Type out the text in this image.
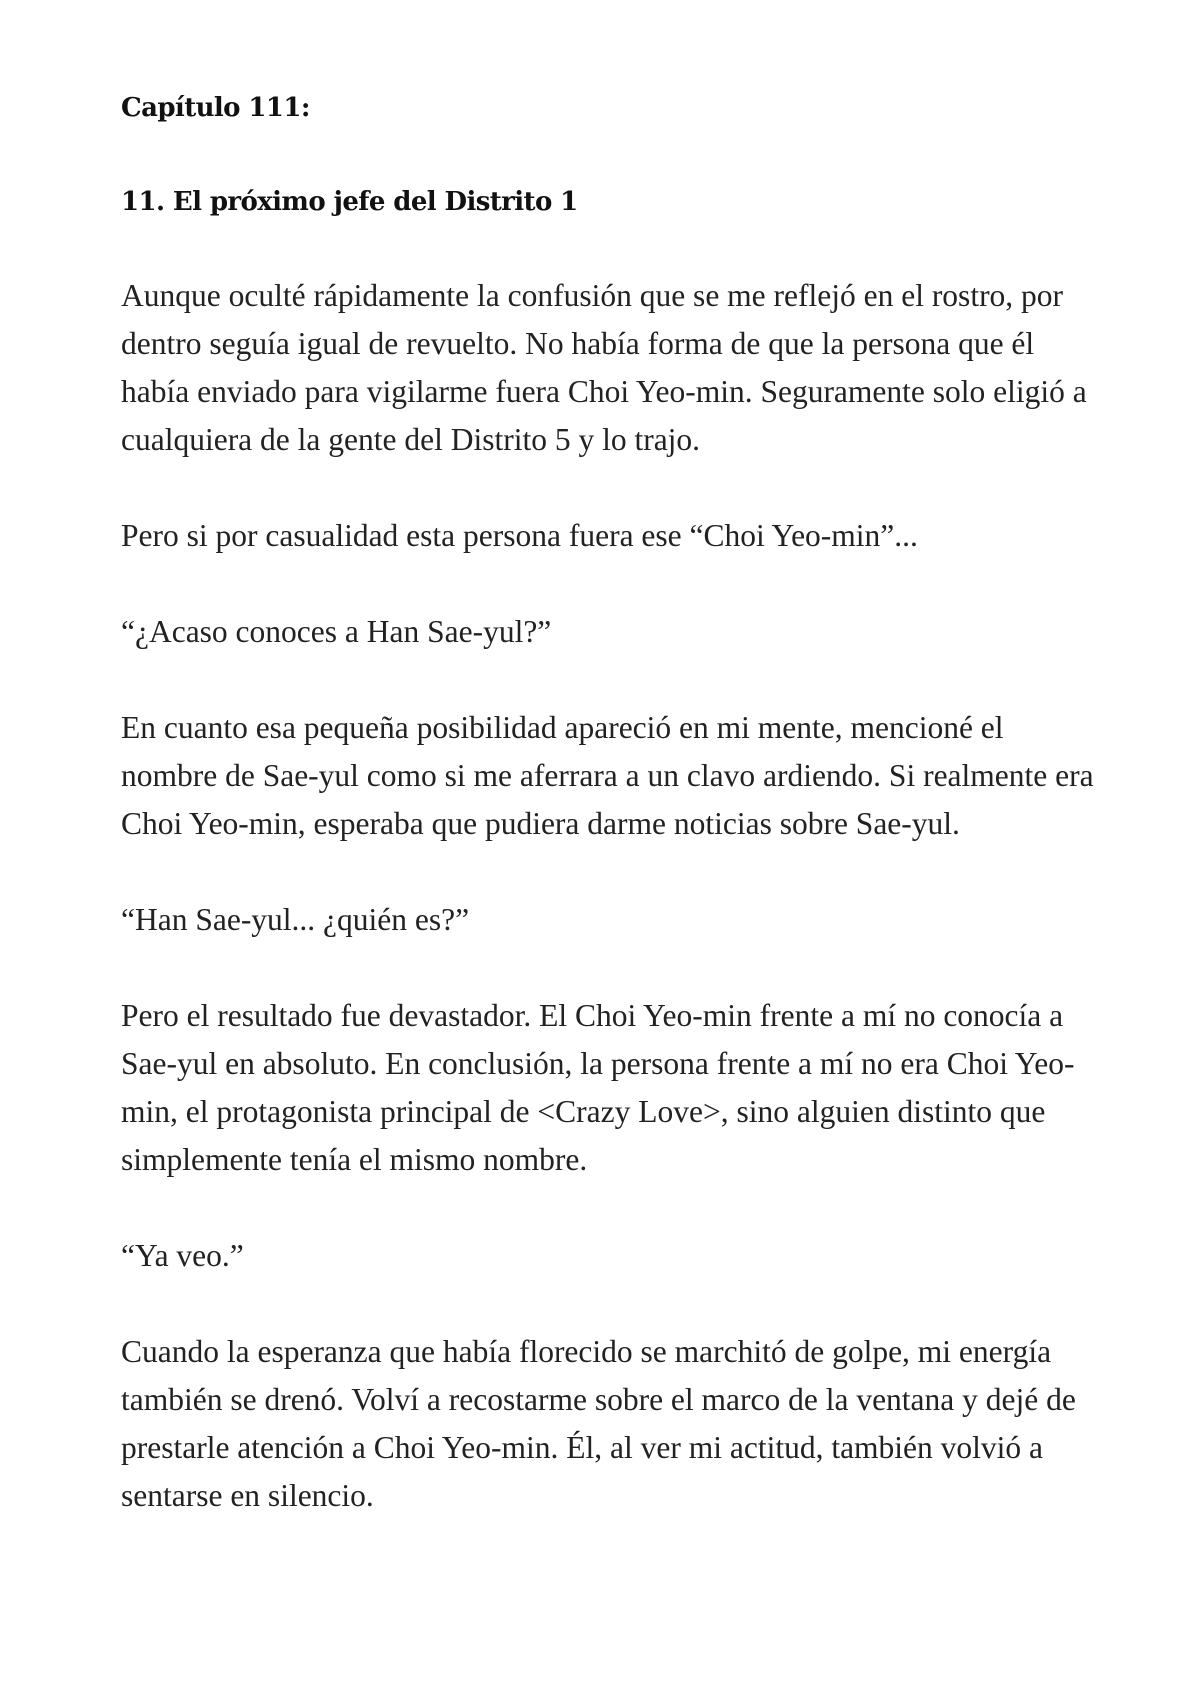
Capítulo 111:
11. El próximo jefe del Distrito 1

Aunque oculté rápidamente la confusión que se me reflejó en el rostro, por dentro seguía igual de revuelto. No había forma de que la persona que él había enviado para vigilarme fuera Choi Yeo-min. Seguramente solo eligió a cualquiera de la gente del Distrito 5 y lo trajo.

Pero si por casualidad esta persona fuera ese “Choi Yeo-min”...

“¿Acaso conoces a Han Sae-yul?”

En cuanto esa pequeña posibilidad apareció en mi mente, mencioné el nombre de Sae-yul como si me aferrara a un clavo ardiendo. Si realmente era Choi Yeo-min, esperaba que pudiera darme noticias sobre Sae-yul.

“Han Sae-yul... ¿quién es?”

Pero el resultado fue devastador. El Choi Yeo-min frente a mí no conocía a Sae-yul en absoluto. En conclusión, la persona frente a mí no era Choi Yeo-min, el protagonista principal de <Crazy Love>, sino alguien distinto que simplemente tenía el mismo nombre.

“Ya veo.”

Cuando la esperanza que había florecido se marchitó de golpe, mi energía también se drenó. Volví a recostarme sobre el marco de la ventana y dejé de prestarle atención a Choi Yeo-min. Él, al ver mi actitud, también volvió a sentarse en silencio.
